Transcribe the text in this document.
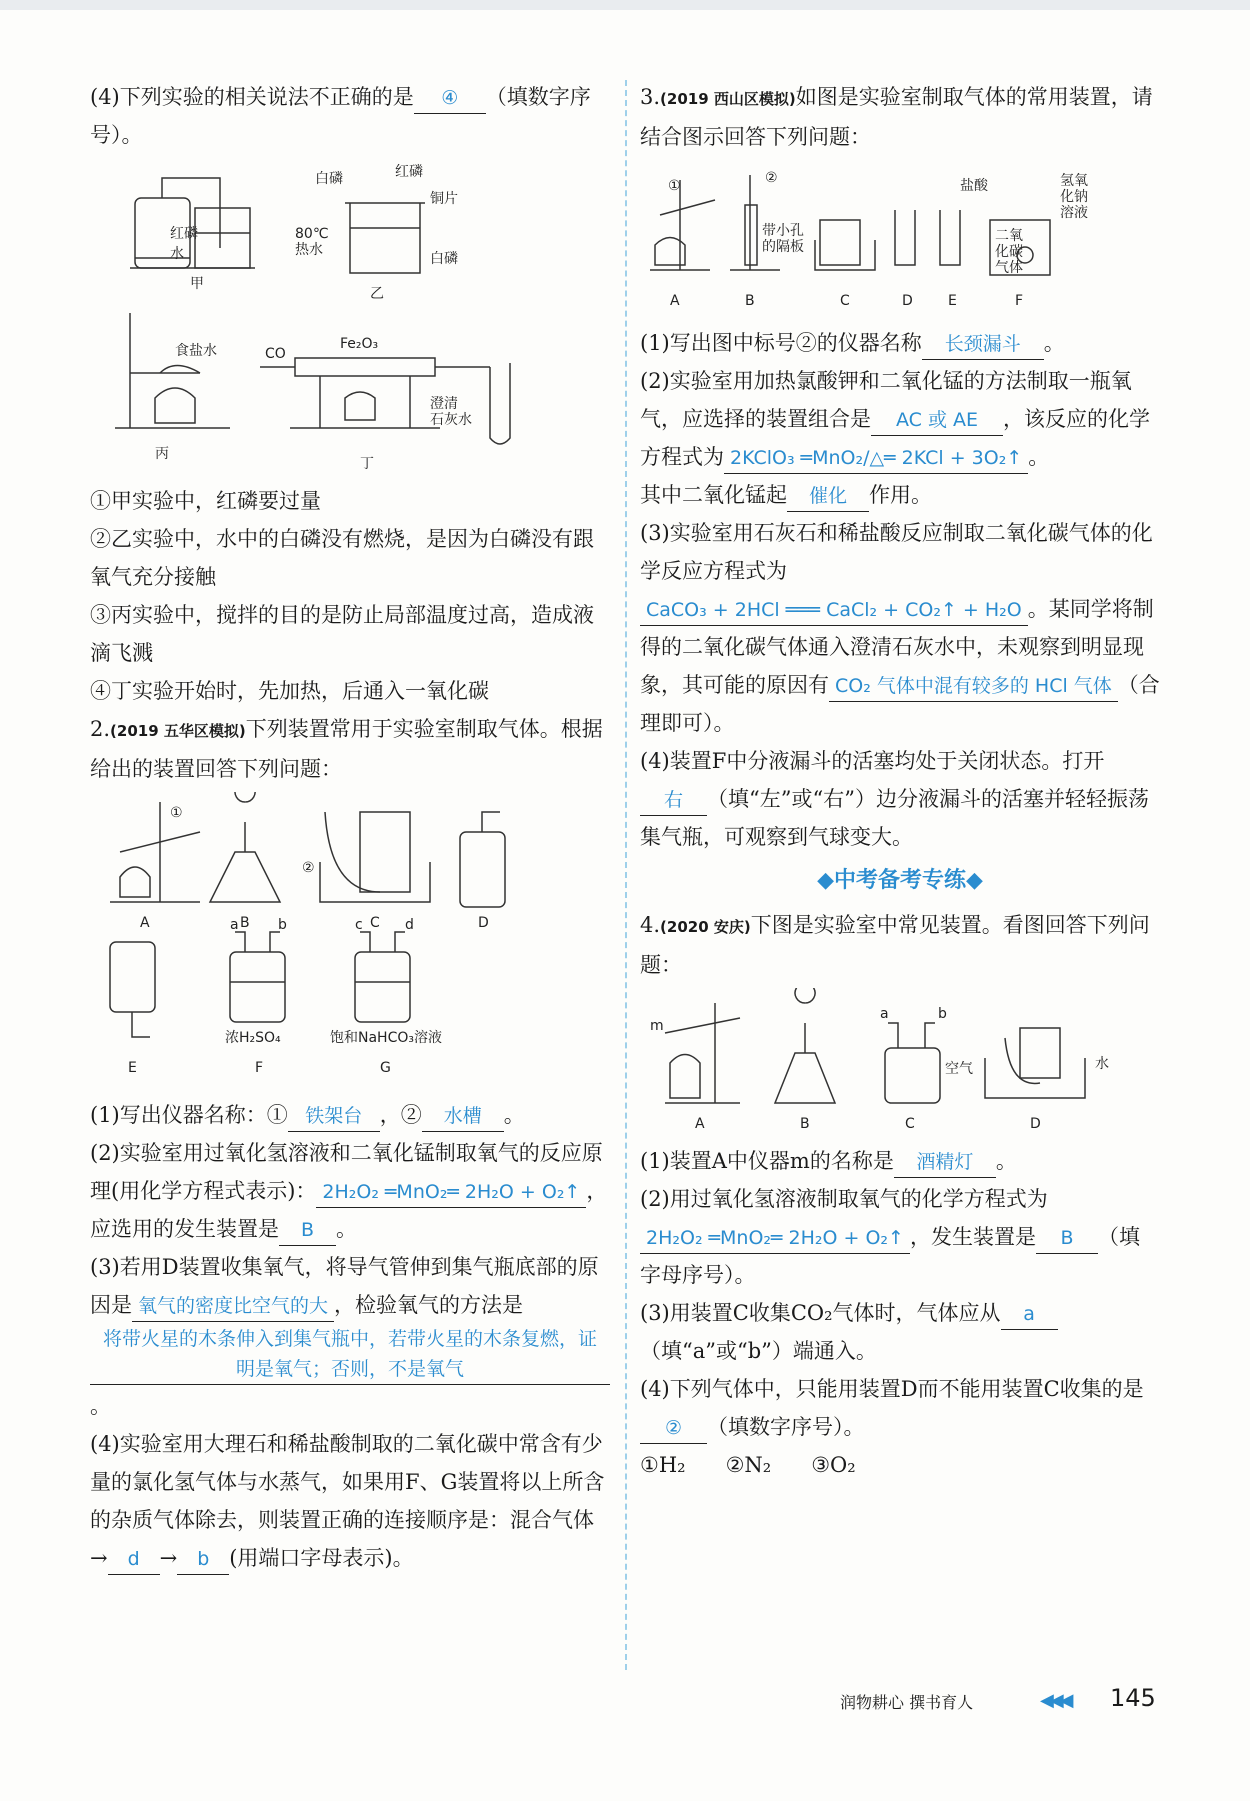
(4)下列实验的相关说法不正确的是 ④ （填数字序号）。

红磷
水
甲
白磷	红磷
铜片
80℃热水
白磷
乙
食盐水
丙
CO
Fe₂O₃
澄清石灰水
丁

①甲实验中，红磷要过量

②乙实验中，水中的白磷没有燃烧，是因为白磷没有跟氧气充分接触

③丙实验中，搅拌的目的是防止局部温度过高，造成液滴飞溅

④丁实验开始时，先加热，后通入一氧化碳

2.(2019 五华区模拟)下列装置常用于实验室制取气体。根据给出的装置回答下列问题：

①
②
A	B	C	D
a	b	c	d
浓H₂SO₄	饱和NaHCO₃溶液
E	F	G

(1)写出仪器名称：① 铁架台 ，② 水槽 。

(2)实验室用过氧化氢溶液和二氧化锰制取氧气的反应原理(用化学方程式表示)： 2H₂O₂ ═MnO₂═ 2H₂O + O₂↑ ，应选用的发生装置是 B 。

(3)若用D装置收集氧气，将导气管伸到集气瓶底部的原因是 氧气的密度比空气的大 ，检验氧气的方法是将带火星的木条伸入到集气瓶中，若带火星的木条复燃，证明是氧气；否则，不是氧气。

(4)实验室用大理石和稀盐酸制取的二氧化碳中常含有少量的氯化氢气体与水蒸气，如果用F、G装置将以上所含的杂质气体除去，则装置正确的连接顺序是：混合气体→ d → b (用端口字母表示)。

3.(2019 西山区模拟)如图是实验室制取气体的常用装置，请结合图示回答下列问题：

①	②
带小孔的隔板
盐酸	氢氧化钠溶液
二氧化碳气体
A	B	C	D	E	F

(1)写出图中标号②的仪器名称 长颈漏斗 。

(2)实验室用加热氯酸钾和二氧化锰的方法制取一瓶氧气，应选择的装置组合是 AC 或 AE ，该反应的化学方程式为 2KClO₃ ═MnO₂/△═ 2KCl + 3O₂↑ 。

其中二氧化锰起 催化 作用。

(3)实验室用石灰石和稀盐酸反应制取二氧化碳气体的化学反应方程式为CaCO₃ + 2HCl ═══ CaCl₂ + CO₂↑ + H₂O 。某同学将制得的二氧化碳气体通入澄清石灰水中，未观察到明显现象，其可能的原因有 CO₂ 气体中混有较多的 HCl 气体 （合理即可）。

(4)装置F中分液漏斗的活塞均处于关闭状态。打开右 （填“左”或“右”）边分液漏斗的活塞并轻轻振荡集气瓶，可观察到气球变大。

◆中考备考专练◆

4.(2020 安庆)下图是实验室中常见装置。看图回答下列问题：

m
a	b
空气	水
A	B	C	D

(1)装置A中仪器m的名称是 酒精灯 。

(2)用过氧化氢溶液制取氧气的化学方程式为2H₂O₂ ═MnO₂═ 2H₂O + O₂↑ ，发生装置是 B （填字母序号）。

(3)用装置C收集CO₂气体时，气体应从 a（填“a”或“b”）端通入。

(4)下列气体中，只能用装置D而不能用装置C收集的是② （填数字序号）。

①H₂ ②N₂ ③O₂

润物耕心 撰书育人	◀◀◀ 145
